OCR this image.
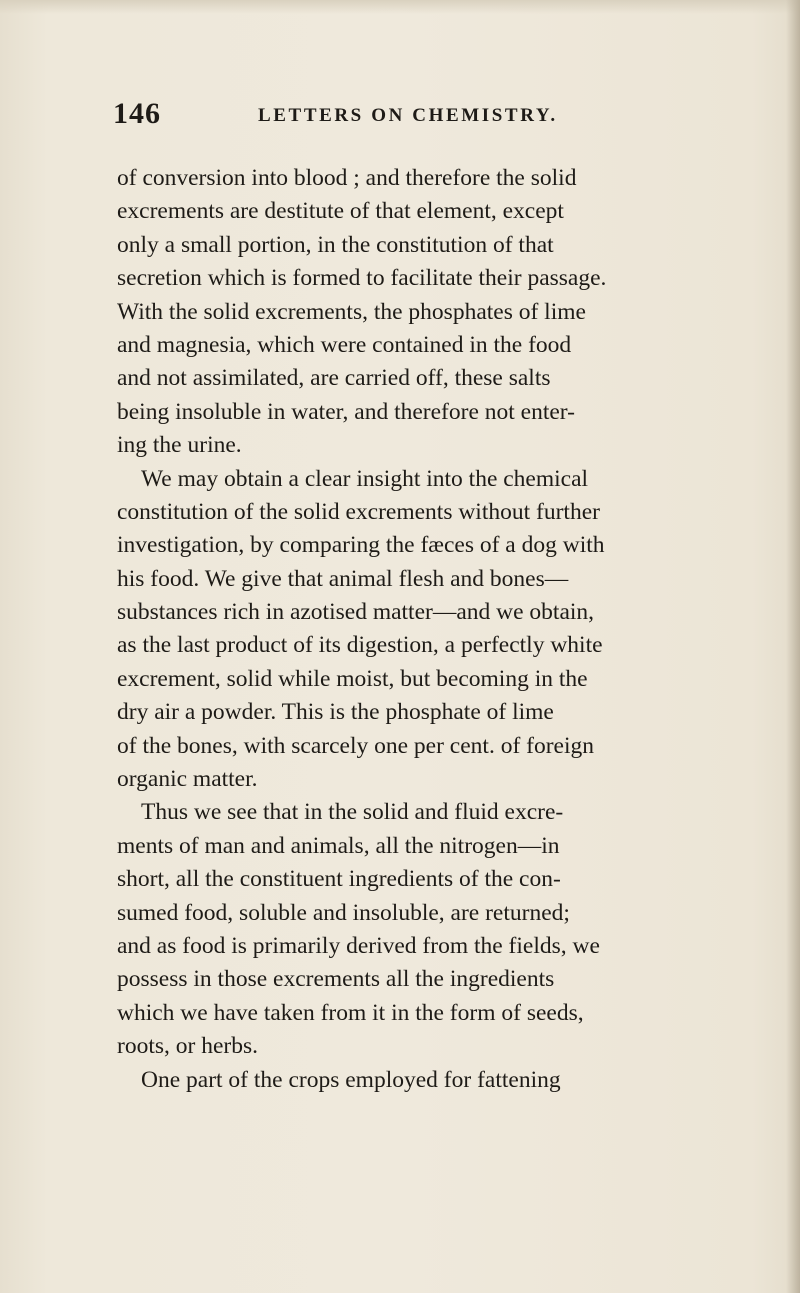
146	LETTERS ON CHEMISTRY.
of conversion into blood ; and therefore the solid
excrements are destitute of that element, except
only a small portion, in the constitution of that
secretion which is formed to facilitate their passage.
With the solid excrements, the phosphates of lime
and magnesia, which were contained in the food
and not assimilated, are carried off, these salts
being insoluble in water, and therefore not enter-
ing the urine.
We may obtain a clear insight into the chemical
constitution of the solid excrements without further
investigation, by comparing the fæces of a dog with
his food. We give that animal flesh and bones—
substances rich in azotised matter—and we obtain,
as the last product of its digestion, a perfectly white
excrement, solid while moist, but becoming in the
dry air a powder. This is the phosphate of lime
of the bones, with scarcely one per cent. of foreign
organic matter.
Thus we see that in the solid and fluid excre-
ments of man and animals, all the nitrogen—in
short, all the constituent ingredients of the con-
sumed food, soluble and insoluble, are returned;
and as food is primarily derived from the fields, we
possess in those excrements all the ingredients
which we have taken from it in the form of seeds,
roots, or herbs.
One part of the crops employed for fattening
